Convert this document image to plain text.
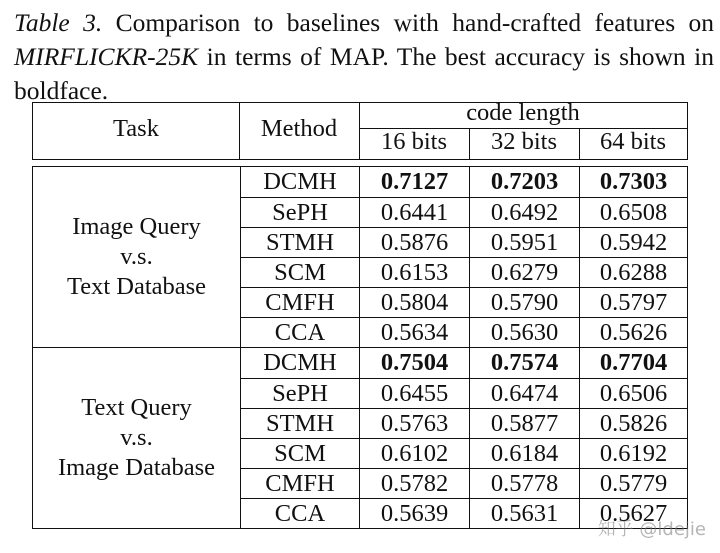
Table 3. Comparison to baselines with hand-crafted features on MIRFLICKR-25K in terms of MAP. The best accuracy is shown in boldface.
Task	Method
code length
16 bits	32 bits	64 bits
Image Query
v.s.
Text Database
DCMH	0.7127	0.7203	0.7303
SePH	0.6441	0.6492	0.6508
STMH	0.5876	0.5951	0.5942
SCM	0.6153	0.6279	0.6288
CMFH	0.5804	0.5790	0.5797
CCA	0.5634	0.5630	0.5626
Text Query
v.s.
Image Database
DCMH	0.7504	0.7574	0.7704
SePH	0.6455	0.6474	0.6506
STMH	0.5763	0.5877	0.5826
SCM	0.6102	0.6184	0.6192
CMFH	0.5782	0.5778	0.5779
CCA	0.5639	0.5631	0.5627
知乎 @ldejie
